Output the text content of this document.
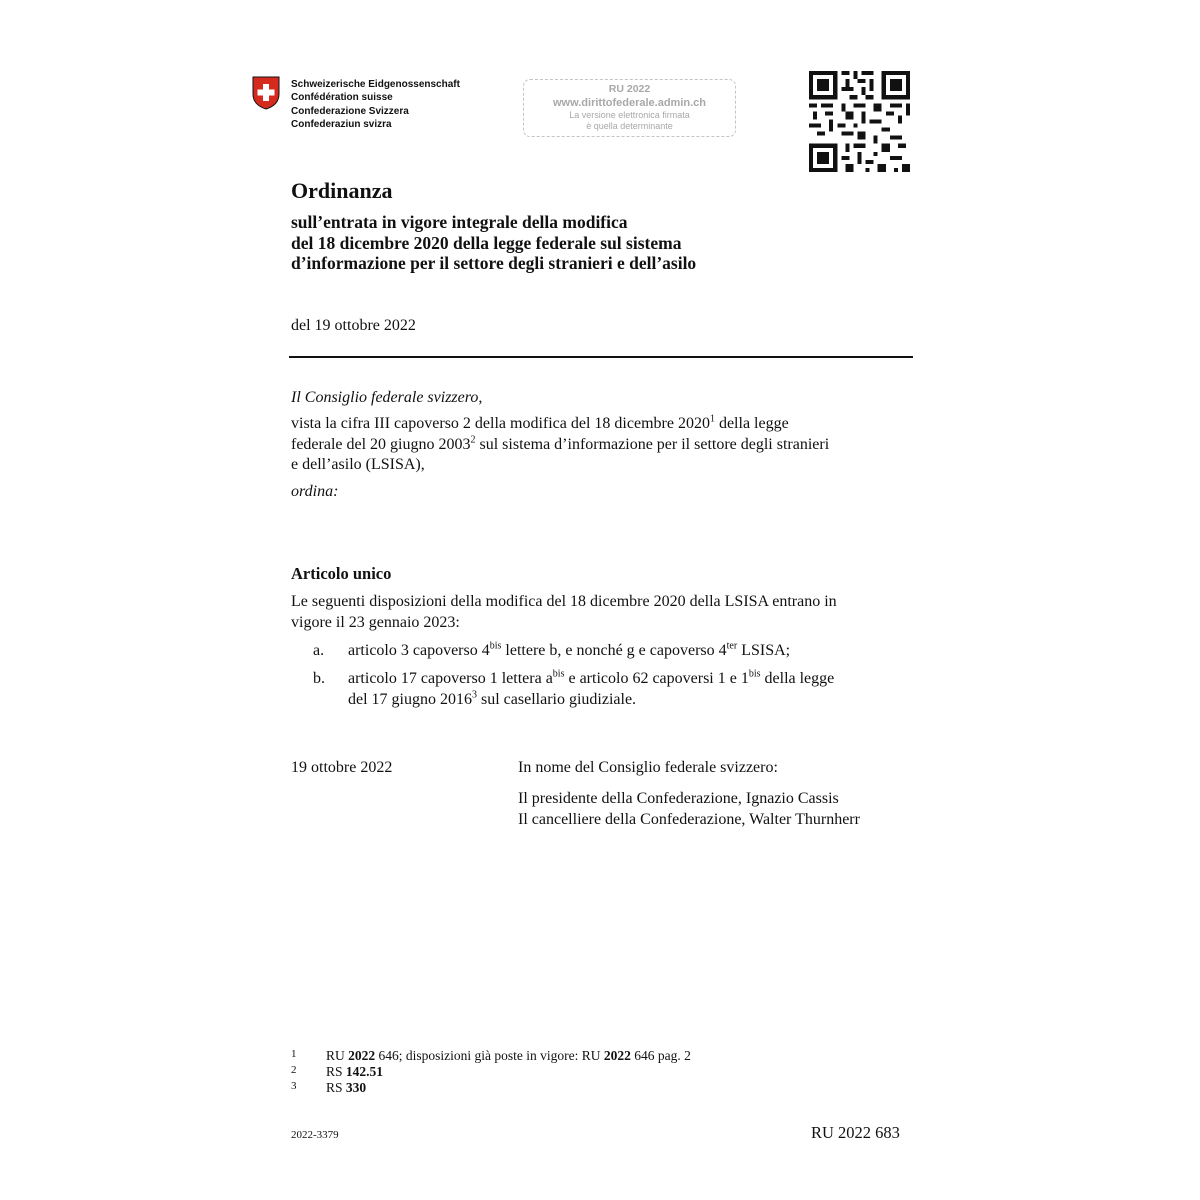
Schweizerische Eidgenossenschaft
Confédération suisse
Confederazione Svizzera
Confederaziun svizra
RU 2022
www.dirittofederale.admin.ch
La versione elettronica firmata
è quella determinante
Ordinanza
sull’entrata in vigore integrale della modifica
del 18 dicembre 2020 della legge federale sul sistema
d’informazione per il settore degli stranieri e dell’asilo
del 19 ottobre 2022
Il Consiglio federale svizzero,
vista la cifra III capoverso 2 della modifica del 18 dicembre 2020$^1$ della legge
federale del 20 giugno 2003$^2$ sul sistema d’informazione per il settore degli stranieri
e dell’asilo (LSISA),
ordina:
Articolo unico
Le seguenti disposizioni della modifica del 18 dicembre 2020 della LSISA entrano in
vigore il 23 gennaio 2023:
a. articolo 3 capoverso $4^{bis}$ lettere b, e nonché g e capoverso $4^{ter}$ LSISA;
b. articolo 17 capoverso 1 lettera $a^{bis}$ e articolo 62 capoversi 1 e $1^{bis}$ della legge
del 17 giugno 2016$^3$ sul casellario giudiziale.
19 ottobre 2022	In nome del Consiglio federale svizzero:
Il presidente della Confederazione, Ignazio Cassis
Il cancelliere della Confederazione, Walter Thurnherr
1 RU 2022 646; disposizioni già poste in vigore: RU 2022 646 pag. 2
2 RS 142.51
3 RS 330
2022-3379	RU 2022 683
